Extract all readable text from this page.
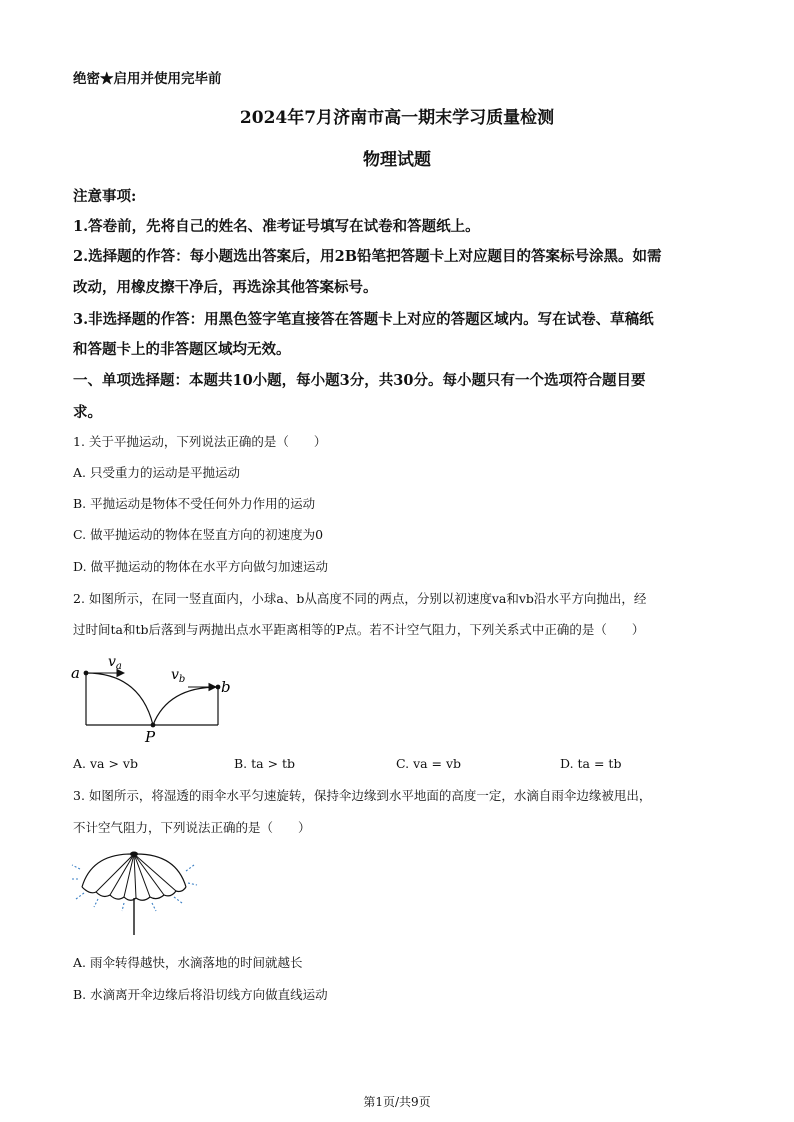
绝密★启用并使用完毕前
2024年7月济南市高一期末学习质量检测
物理试题
注意事项:
1.答卷前，先将自己的姓名、准考证号填写在试卷和答题纸上。
2.选择题的作答：每小题选出答案后，用2B铅笔把答题卡上对应题目的答案标号涂黑。如需
改动，用橡皮擦干净后，再选涂其他答案标号。
3.非选择题的作答：用黑色签字笔直接答在答题卡上对应的答题区域内。写在试卷、草稿纸
和答题卡上的非答题区域均无效。
一、单项选择题：本题共10小题，每小题3分，共30分。每小题只有一个选项符合题目要
求。
1. 关于平抛运动，下列说法正确的是（　　）
A. 只受重力的运动是平抛运动
B. 平抛运动是物体不受任何外力作用的运动
C. 做平抛运动的物体在竖直方向的初速度为0
D. 做平抛运动的物体在水平方向做匀加速运动
2. 如图所示，在同一竖直面内，小球a、b从高度不同的两点，分别以初速度va和vb沿水平方向抛出，经
过时间ta和tb后落到与两抛出点水平距离相等的P点。若不计空气阻力，下列关系式中正确的是（　　）
a
b
P
$v_a$
$v_b$
A. va > vb	B. ta > tb	C. va = vb	D. ta = tb
3. 如图所示，将湿透的雨伞水平匀速旋转，保持伞边缘到水平地面的高度一定，水滴自雨伞边缘被甩出，
不计空气阻力，下列说法正确的是（　　）
A. 雨伞转得越快，水滴落地的时间就越长
B. 水滴离开伞边缘后将沿切线方向做直线运动
第1页/共9页
